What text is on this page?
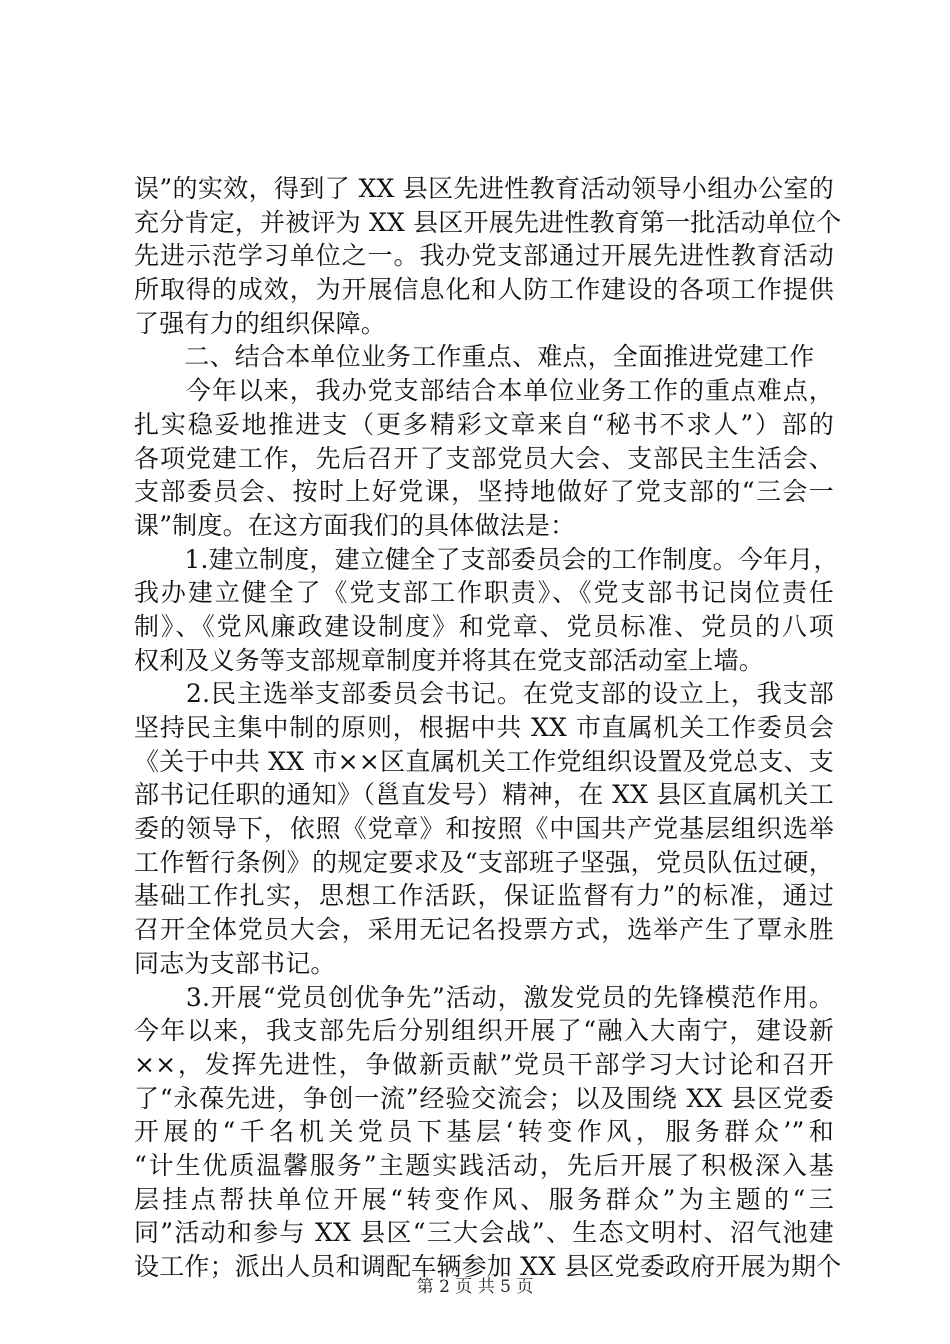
误”的实效，得到了 XX 县区先进性教育活动领导小组办公室的
充分肯定，并被评为 XX 县区开展先进性教育第一批活动单位个
先进示范学习单位之一。我办党支部通过开展先进性教育活动
所取得的成效，为开展信息化和人防工作建设的各项工作提供
了强有力的组织保障。
　　二、结合本单位业务工作重点、难点，全面推进党建工作
　　今年以来，我办党支部结合本单位业务工作的重点难点，
扎实稳妥地推进支（更多精彩文章来自“秘书不求人”）部的
各项党建工作，先后召开了支部党员大会、支部民主生活会、
支部委员会、按时上好党课，坚持地做好了党支部的“三会一
课”制度。在这方面我们的具体做法是：
　　1.建立制度，建立健全了支部委员会的工作制度。今年月，
我办建立健全了《党支部工作职责》、《党支部书记岗位责任
制》、《党风廉政建设制度》和党章、党员标准、党员的八项
权利及义务等支部规章制度并将其在党支部活动室上墙。
　　2.民主选举支部委员会书记。在党支部的设立上，我支部
坚持民主集中制的原则，根据中共 XX 市直属机关工作委员会
《关于中共 XX 市××区直属机关工作党组织设置及党总支、支
部书记任职的通知》（邕直发号）精神，在 XX 县区直属机关工
委的领导下，依照《党章》和按照《中国共产党基层组织选举
工作暂行条例》的规定要求及“支部班子坚强，党员队伍过硬，
基础工作扎实，思想工作活跃，保证监督有力”的标准，通过
召开全体党员大会，采用无记名投票方式，选举产生了覃永胜
同志为支部书记。
　　3.开展“党员创优争先”活动，激发党员的先锋模范作用。
今年以来，我支部先后分别组织开展了“融入大南宁，建设新
××，发挥先进性，争做新贡献”党员干部学习大讨论和召开
了“永葆先进，争创一流”经验交流会；以及围绕 XX 县区党委
开展的“千名机关党员下基层‘转变作风，服务群众’”和
“计生优质温馨服务”主题实践活动，先后开展了积极深入基
层挂点帮扶单位开展“转变作风、服务群众”为主题的“三
同”活动和参与 XX 县区“三大会战”、生态文明村、沼气池建
设工作；派出人员和调配车辆参加 XX 县区党委政府开展为期个
第 2 页 共 5 页
